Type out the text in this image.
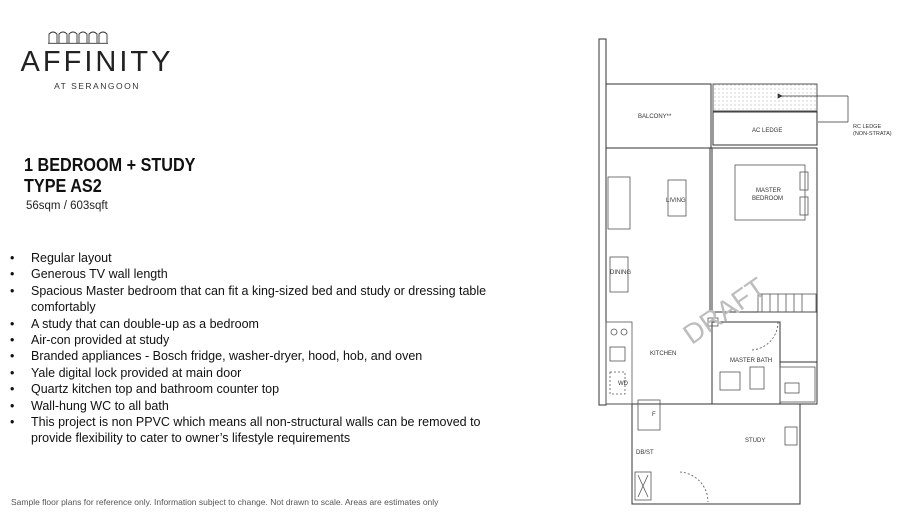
AFFINITY
AT SERANGOON
1 BEDROOM + STUDY
TYPE AS2
56sqm / 603sqft
• Regular layout
• Generous TV wall length
• Spacious Master bedroom that can fit a king-sized bed and study or dressing table comfortably
• A study that can double-up as a bedroom
• Air-con provided at study
• Branded appliances - Bosch fridge, washer-dryer, hood, hob, and oven
• Yale digital lock provided at main door
• Quartz kitchen top and bathroom counter top
• Wall-hung WC to all bath
• This project is non PPVC which means all non-structural walls can be removed to provide flexibility to cater to owner’s lifestyle requirements
Sample floor plans for reference only. Information subject to change. Not drawn to scale. Areas are estimates only
BALCONY**
AC LEDGE
RC LEDGE
(NON-STRATA)
LIVING
MASTER
BEDROOM
DINING
KITCHEN
MASTER BATH
WD
F
STUDY
DB/ST
DRAFT
